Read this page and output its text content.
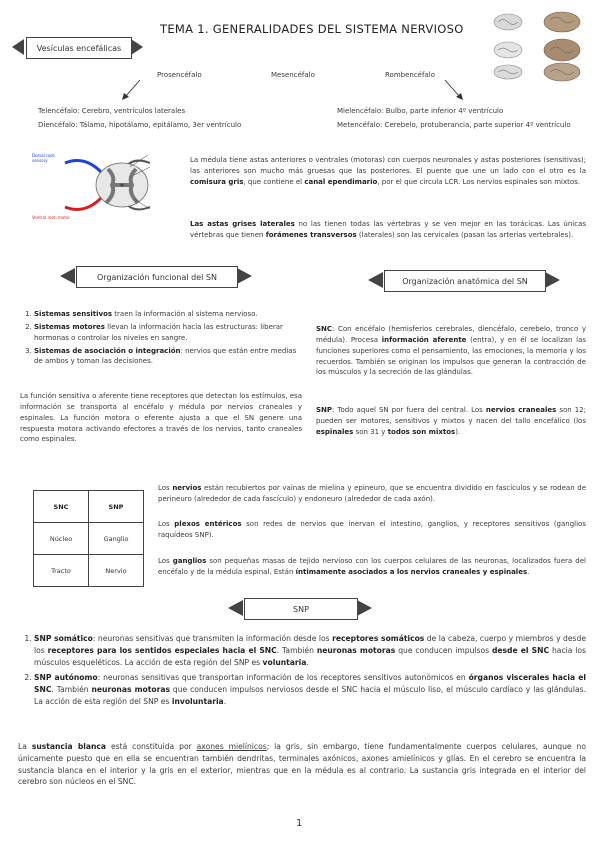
TEMA 1. GENERALIDADES DEL SISTEMA NERVIOSO
Vesículas encefálicas
Prosencéfalo	Mesencéfalo	Rombencéfalo
Telencéfalo: Cerebro, ventrículos laterales
Diencéfalo: Tálamo, hipotálamo, epitálamo, 3er ventrículo
Mielencéfalo: Bulbo, parte inferior 4º ventrículo
Metencéfalo: Cerebelo, protuberancia, parte superior 4º ventrículo
Dorsal root, sensory
Ventral root, motor
La médula tiene astas anteriores o ventrales (motoras) con cuerpos neuronales y astas posteriores (sensitivas); las anteriores son mucho más gruesas que las posteriores. El puente que une un lado con el otro es la comisura gris, que contiene el canal ependimario, por el que circula LCR. Los nervios espinales son mixtos.
Las astas grises laterales no las tienen todas las vértebras y se ven mejor en las torácicas. Las únicas vértebras que tienen forámenes transversos (laterales) son las cervicales (pasan las arterias vertebrales).
Organización funcional del SN	Organización anatómica del SN
1. Sistemas sensitivos traen la información al sistema nervioso.
2. Sistemas motores llevan la información hacia las estructuras: liberar hormonas o controlar los niveles en sangre.
3. Sistemas de asociación o integración: nervios que están entre medias de ambos y toman las decisiones.
La función sensitiva o aferente tiene receptores que detectan los estímulos, esa información se transporta al encéfalo y médula por nervios craneales y espinales. La función motora o eferente ajusta a que el SN genere una respuesta motora activando efectores a través de los nervios, tanto craneales como espinales.
SNC: Con encéfalo (hemisferios cerebrales, diencéfalo, cerebelo, tronco y médula). Procesa información aferente (entra), y en él se localizan las funciones superiores como el pensamiento, las emociones, la memoria y los recuerdos. También se originan los impulsos que generan la contracción de los músculos y la secreción de las glándulas.
SNP: Todo aquel SN por fuera del central. Los nervios craneales son 12; pueden ser motores, sensitivos y mixtos y nacen del tallo encefálico (los espinales son 31 y todos son mixtos).
SNC	SNP
Núcleo	Ganglio
Tracto	Nervio
Los nervios están recubiertos por vainas de mielina y epineuro, que se encuentra dividido en fascículos y se rodean de perineuro (alrededor de cada fascículo) y endoneuro (alrededor de cada axón).
Los plexos entéricos son redes de nervios que inervan el intestino, ganglios, y receptores sensitivos (ganglios raquídeos SNP).
Los ganglios son pequeñas masas de tejido nervioso con los cuerpos celulares de las neuronas, localizados fuera del encéfalo y de la médula espinal. Están íntimamente asociados a los nervios craneales y espinales.
SNP
1. SNP somático: neuronas sensitivas que transmiten la información desde los receptores somáticos de la cabeza, cuerpo y miembros y desde los receptores para los sentidos especiales hacia el SNC. También neuronas motoras que conducen impulsos desde el SNC hacia los músculos esqueléticos. La acción de esta región del SNP es voluntaria.
2. SNP autónomo: neuronas sensitivas que transportan información de los receptores sensitivos autonómicos en órganos viscerales hacia el SNC. También neuronas motoras que conducen impulsos nerviosos desde el SNC hacia el músculo liso, el músculo cardíaco y las glándulas. La acción de esta región del SNP es involuntaria.
La sustancia blanca está constituida por axones mielínicos; la gris, sin embargo, tiene fundamentalmente cuerpos celulares, aunque no únicamente puesto que en ella se encuentran también dendritas, terminales axónicos, axones amielínicos y glías. En el cerebro se encuentra la sustancia blanca en el interior y la gris en el exterior, mientras que en la médula es al contrario. La sustancia gris integrada en el interior del cerebro son núcleos en el SNC.
1
